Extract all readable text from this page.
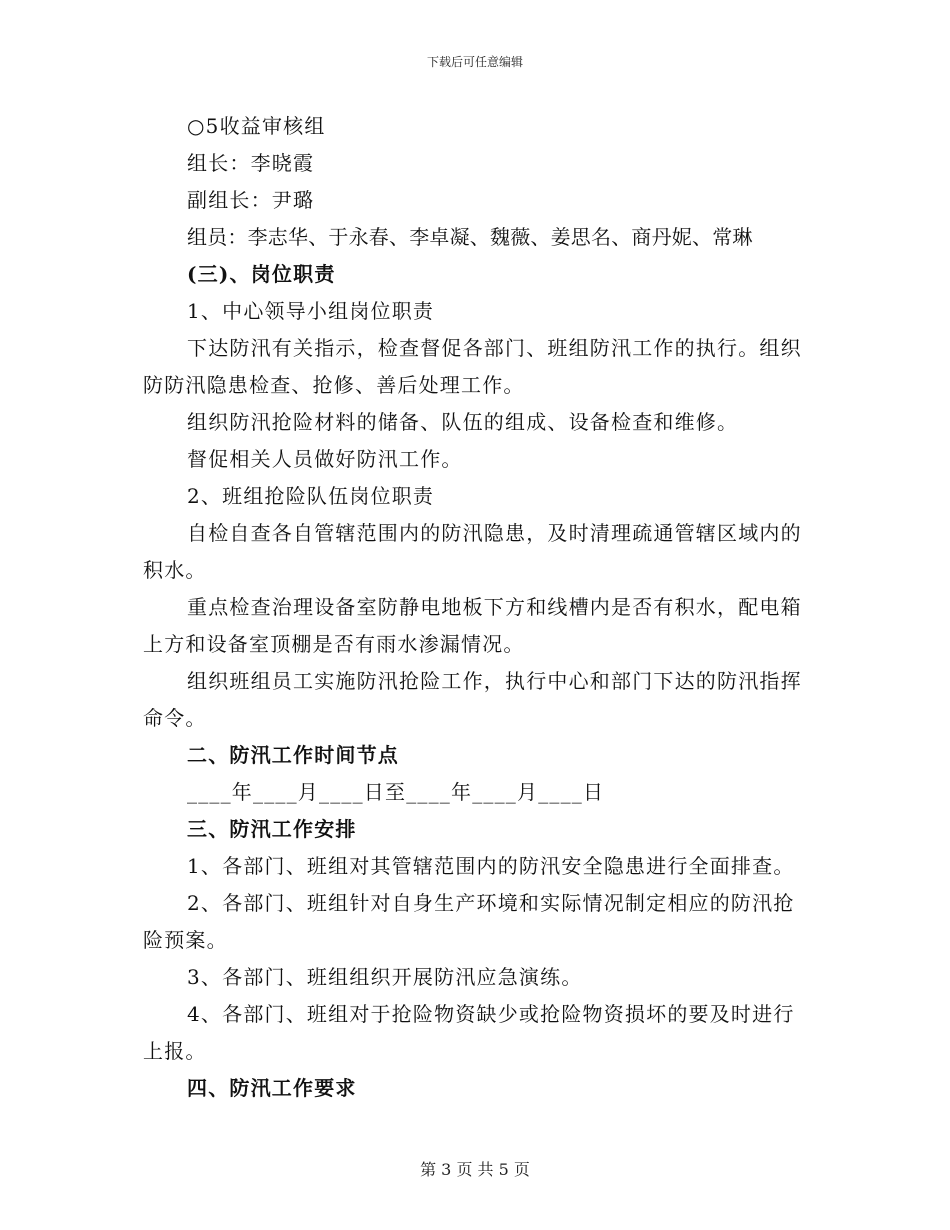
下载后可任意编辑

○5收益审核组

组长：李晓霞

副组长：尹璐

组员：李志华、于永春、李卓凝、魏薇、姜思名、商丹妮、常琳

(三)、岗位职责

1、中心领导小组岗位职责

下达防汛有关指示，检查督促各部门、班组防汛工作的执行。组织防防汛隐患检查、抢修、善后处理工作。

组织防汛抢险材料的储备、队伍的组成、设备检查和维修。

督促相关人员做好防汛工作。

2、班组抢险队伍岗位职责

自检自查各自管辖范围内的防汛隐患，及时清理疏通管辖区域内的积水。

重点检查治理设备室防静电地板下方和线槽内是否有积水，配电箱上方和设备室顶棚是否有雨水渗漏情况。

组织班组员工实施防汛抢险工作，执行中心和部门下达的防汛指挥命令。

二、防汛工作时间节点

____年____月____日至____年____月____日

三、防汛工作安排

1、各部门、班组对其管辖范围内的防汛安全隐患进行全面排查。

2、各部门、班组针对自身生产环境和实际情况制定相应的防汛抢险预案。

3、各部门、班组组织开展防汛应急演练。

4、各部门、班组对于抢险物资缺少或抢险物资损坏的要及时进行上报。

四、防汛工作要求

第 3 页 共 5 页
